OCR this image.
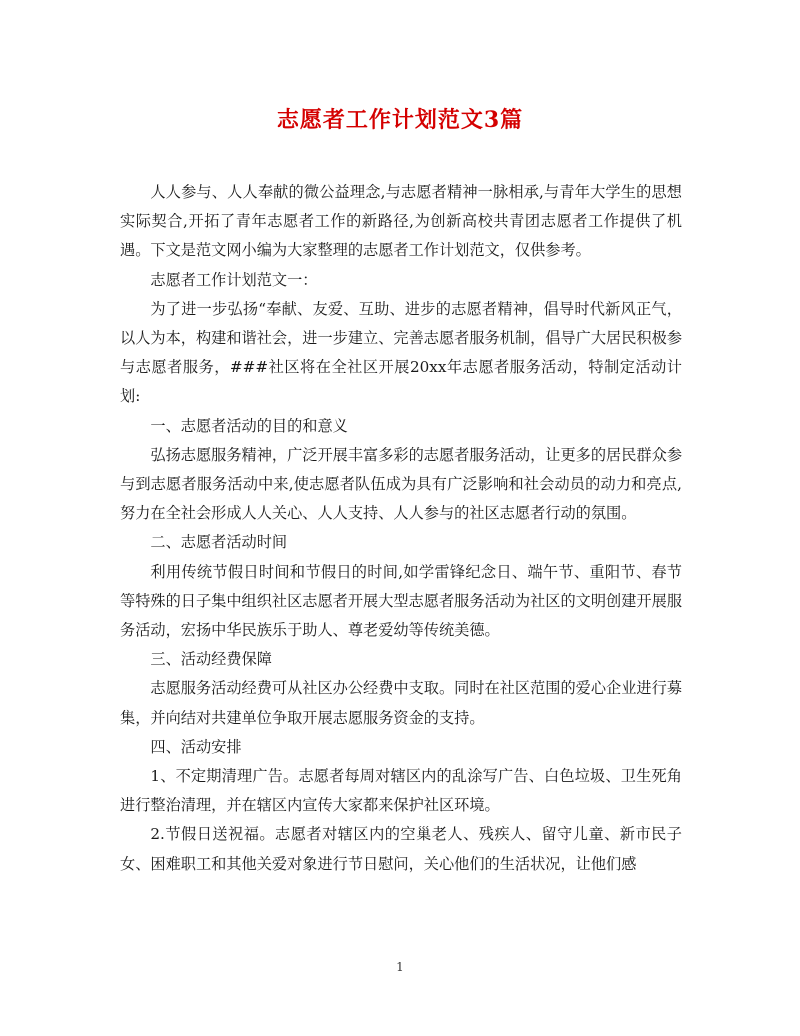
志愿者工作计划范文3篇

人人参与、人人奉献的微公益理念,与志愿者精神一脉相承,与青年大学生的思想实际契合,开拓了青年志愿者工作的新路径,为创新高校共青团志愿者工作提供了机遇。下文是范文网小编为大家整理的志愿者工作计划范文，仅供参考。

志愿者工作计划范文一：

为了进一步弘扬“奉献、友爱、互助、进步的志愿者精神，倡导时代新风正气，以人为本，构建和谐社会，进一步建立、完善志愿者服务机制，倡导广大居民积极参与志愿者服务，###社区将在全社区开展20xx年志愿者服务活动，特制定活动计划:

一、志愿者活动的目的和意义

弘扬志愿服务精神，广泛开展丰富多彩的志愿者服务活动，让更多的居民群众参与到志愿者服务活动中来,使志愿者队伍成为具有广泛影响和社会动员的动力和亮点,努力在全社会形成人人关心、人人支持、人人参与的社区志愿者行动的氛围。

二、志愿者活动时间

利用传统节假日时间和节假日的时间,如学雷锋纪念日、端午节、重阳节、春节等特殊的日子集中组织社区志愿者开展大型志愿者服务活动为社区的文明创建开展服务活动，宏扬中华民族乐于助人、尊老爱幼等传统美德。

三、活动经费保障

志愿服务活动经费可从社区办公经费中支取。同时在社区范围的爱心企业进行募集，并向结对共建单位争取开展志愿服务资金的支持。

四、活动安排

1、不定期清理广告。志愿者每周对辖区内的乱涂写广告、白色垃圾、卫生死角进行整治清理，并在辖区内宣传大家都来保护社区环境。

2.节假日送祝福。志愿者对辖区内的空巢老人、残疾人、留守儿童、新市民子女、困难职工和其他关爱对象进行节日慰问，关心他们的生活状况，让他们感

1
